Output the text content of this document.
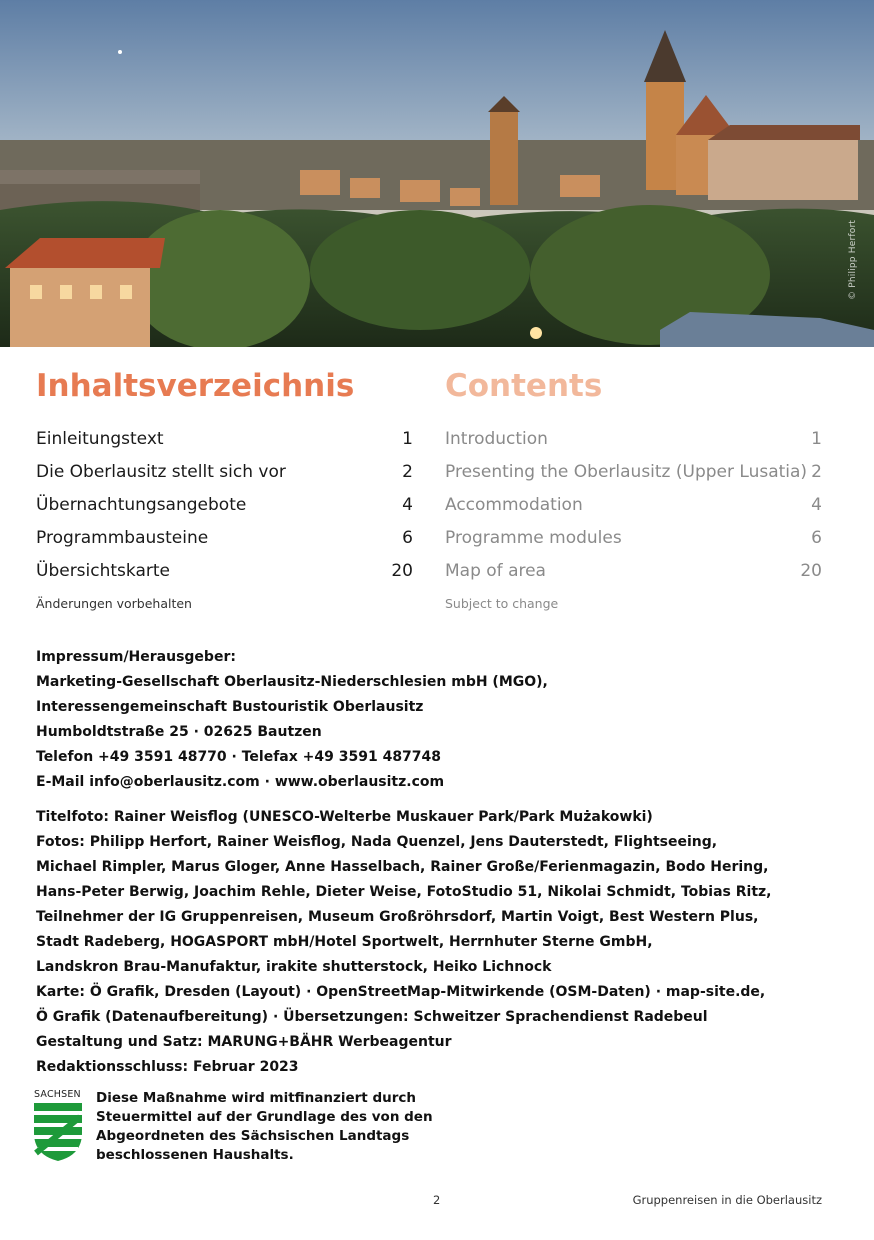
© Philipp Herfort
Inhaltsverzeichnis	Contents
Einleitungstext	1
Die Oberlausitz stellt sich vor	2
Übernachtungsangebote	4
Programmbausteine	6
Übersichtskarte	20
Änderungen vorbehalten
Introduction	1
Presenting the Oberlausitz (Upper Lusatia) 2
Accommodation	4
Programme modules	6
Map of area	20
Subject to change
Impressum/Herausgeber:
Marketing-Gesellschaft Oberlausitz-Niederschlesien mbH (MGO),
Interessengemeinschaft Bustouristik Oberlausitz
Humboldtstraße 25 · 02625 Bautzen
Telefon +49 3591 48770 · Telefax +49 3591 487748
E-Mail info@oberlausitz.com · www.oberlausitz.com
Titelfoto: Rainer Weisflog (UNESCO-Welterbe Muskauer Park/Park Mużakowki)
Fotos: Philipp Herfort, Rainer Weisflog, Nada Quenzel, Jens Dauterstedt, Flightseeing,
Michael Rimpler, Marus Gloger, Anne Hasselbach, Rainer Große/Ferienmagazin, Bodo Hering,
Hans-Peter Berwig, Joachim Rehle, Dieter Weise, FotoStudio 51, Nikolai Schmidt, Tobias Ritz,
Teilnehmer der IG Gruppenreisen, Museum Großröhrsdorf, Martin Voigt, Best Western Plus,
Stadt Radeberg, HOGASPORT mbH/Hotel Sportwelt, Herrnhuter Sterne GmbH,
Landskron Brau-Manufaktur, irakite shutterstock, Heiko Lichnock
Karte: Ö Grafik, Dresden (Layout) · OpenStreetMap-Mitwirkende (OSM-Daten) · map-site.de,
Ö Grafik (Datenaufbereitung) · Übersetzungen: Schweitzer Sprachendienst Radebeul
Gestaltung und Satz: MARUNG+BÄHR Werbeagentur
Redaktionsschluss: Februar 2023
SACHSEN	Diese Maßnahme wird mitfinanziert durch
Steuermittel auf der Grundlage des von den
Abgeordneten des Sächsischen Landtags
beschlossenen Haushalts.
2	Gruppenreisen in die Oberlausitz
